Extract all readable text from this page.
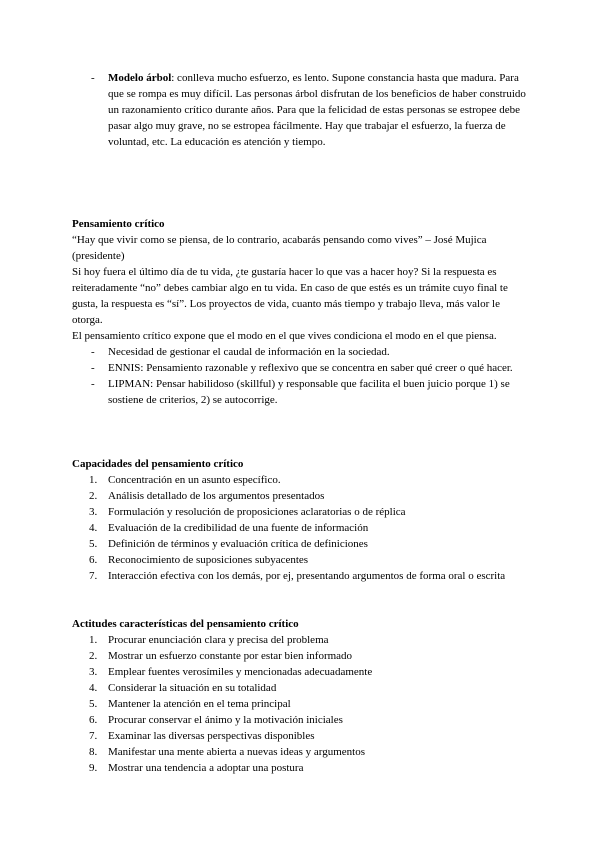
- Modelo árbol: conlleva mucho esfuerzo, es lento. Supone constancia hasta que madura. Para que se rompa es muy difícil. Las personas árbol disfrutan de los beneficios de haber construido un razonamiento crítico durante años. Para que la felicidad de estas personas se estropee debe pasar algo muy grave, no se estropea fácilmente. Hay que trabajar el esfuerzo, la fuerza de voluntad, etc. La educación es atención y tiempo.

Pensamiento crítico

“Hay que vivir como se piensa, de lo contrario, acabarás pensando como vives” – José Mujica (presidente)

Si hoy fuera el último día de tu vida, ¿te gustaría hacer lo que vas a hacer hoy? Si la respuesta es reiteradamente “no” debes cambiar algo en tu vida. En caso de que estés es un trámite cuyo final te gusta, la respuesta es “sí”. Los proyectos de vida, cuanto más tiempo y trabajo lleva, más valor le otorga.

El pensamiento crítico expone que el modo en el que vives condiciona el modo en el que piensa.

- Necesidad de gestionar el caudal de información en la sociedad.
- ENNIS: Pensamiento razonable y reflexivo que se concentra en saber qué creer o qué hacer.
- LIPMAN: Pensar habilidoso (skillful) y responsable que facilita el buen juicio porque 1) se sostiene de criterios, 2) se autocorrige.

Capacidades del pensamiento crítico

1. Concentración en un asunto específico.
2. Análisis detallado de los argumentos presentados
3. Formulación y resolución de proposiciones aclaratorias o de réplica
4. Evaluación de la credibilidad de una fuente de información
5. Definición de términos y evaluación crítica de definiciones
6. Reconocimiento de suposiciones subyacentes
7. Interacción efectiva con los demás, por ej, presentando argumentos de forma oral o escrita

Actitudes características del pensamiento crítico

1. Procurar enunciación clara y precisa del problema
2. Mostrar un esfuerzo constante por estar bien informado
3. Emplear fuentes verosímiles y mencionadas adecuadamente
4. Considerar la situación en su totalidad
5. Mantener la atención en el tema principal
6. Procurar conservar el ánimo y la motivación iniciales
7. Examinar las diversas perspectivas disponibles
8. Manifestar una mente abierta a nuevas ideas y argumentos
9. Mostrar una tendencia a adoptar una postura
